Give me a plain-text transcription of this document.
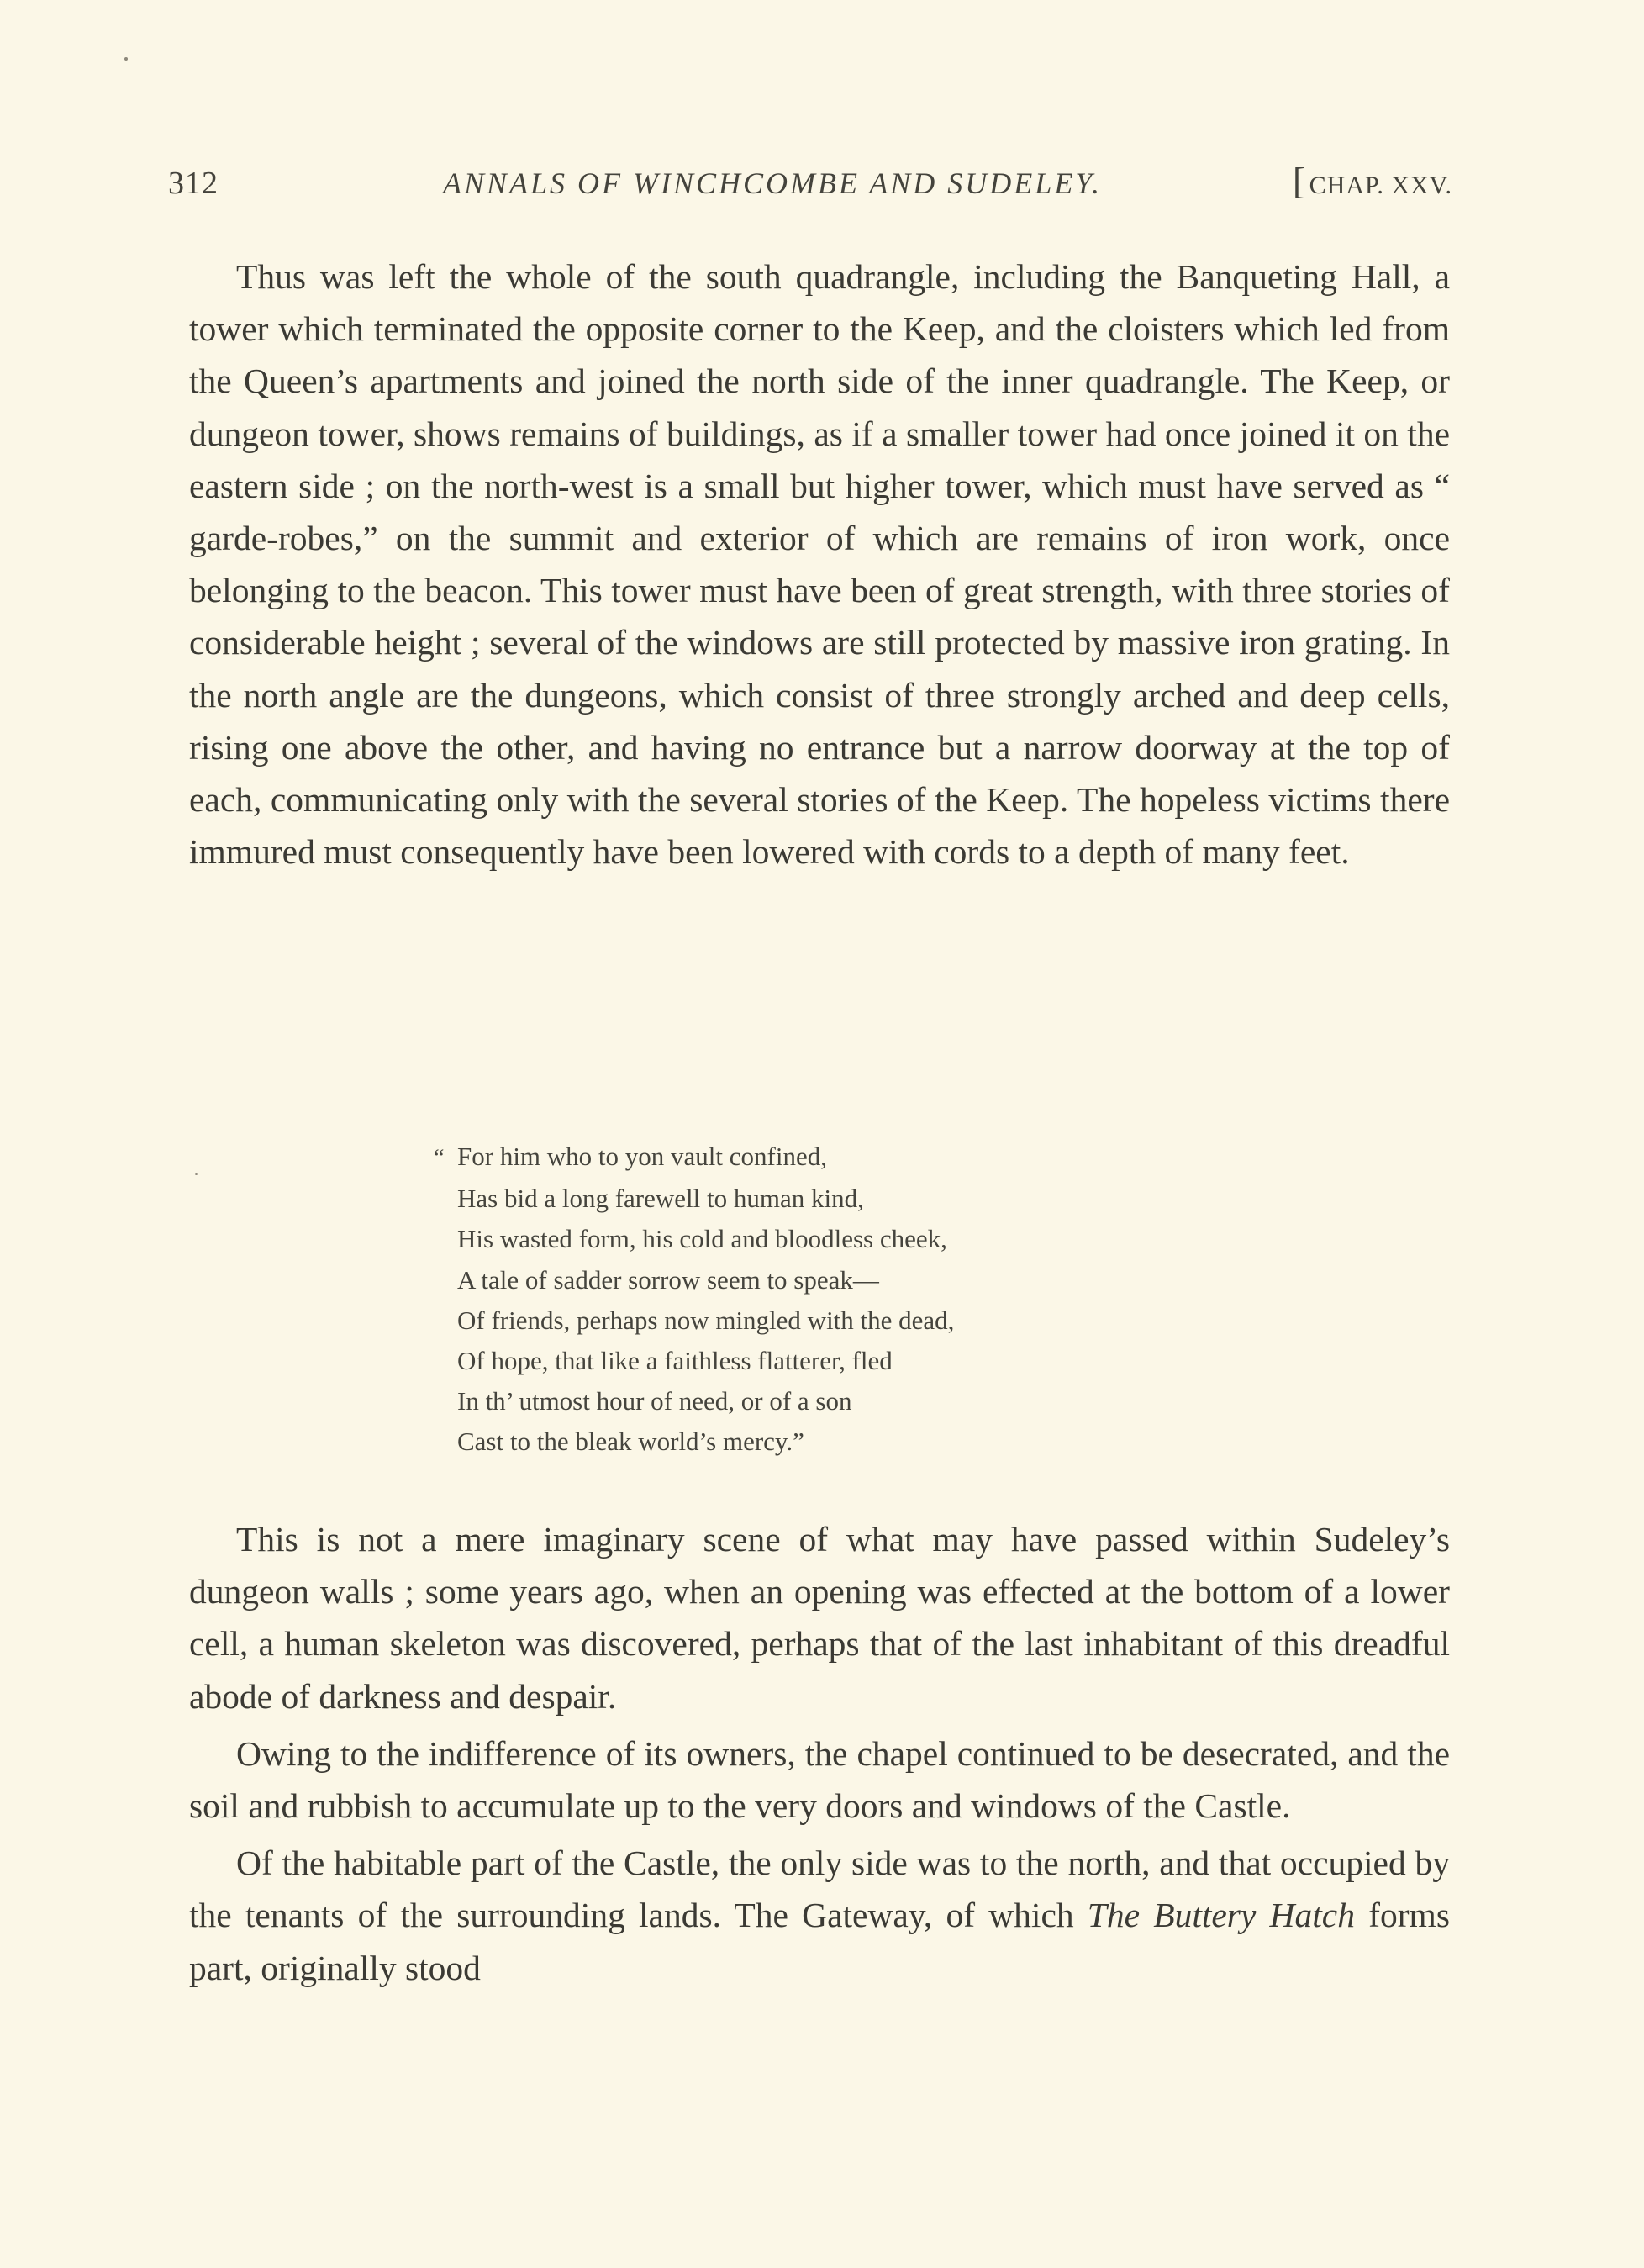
312	ANNALS OF WINCHCOMBE AND SUDELEY.	[ CHAP. XXV.

Thus was left the whole of the south quadrangle, including the Banqueting Hall, a tower which terminated the opposite corner to the Keep, and the cloisters which led from the Queen’s apartments and joined the north side of the inner quadrangle. The Keep, or dungeon tower, shows remains of buildings, as if a smaller tower had once joined it on the eastern side ; on the north-west is a small but higher tower, which must have served as “ garde-robes,” on the summit and exterior of which are remains of iron work, once belonging to the beacon. This tower must have been of great strength, with three stories of considerable height ; several of the windows are still protected by massive iron grating. In the north angle are the dungeons, which consist of three strongly arched and deep cells, rising one above the other, and having no entrance but a narrow doorway at the top of each, communicating only with the several stories of the Keep. The hopeless victims there immured must consequently have been lowered with cords to a depth of many feet.

“ For him who to yon vault confined,
Has bid a long farewell to human kind,
His wasted form, his cold and bloodless cheek,
A tale of sadder sorrow seem to speak—
Of friends, perhaps now mingled with the dead,
Of hope, that like a faithless flatterer, fled
In th’ utmost hour of need, or of a son
Cast to the bleak world’s mercy.”

This is not a mere imaginary scene of what may have passed within Sudeley’s dungeon walls ; some years ago, when an opening was effected at the bottom of a lower cell, a human skeleton was discovered, perhaps that of the last inhabitant of this dreadful abode of darkness and despair.

Owing to the indifference of its owners, the chapel continued to be desecrated, and the soil and rubbish to accumulate up to the very doors and windows of the Castle.

Of the habitable part of the Castle, the only side was to the north, and that occupied by the tenants of the surrounding lands. The Gateway, of which The Buttery Hatch forms part, originally stood
